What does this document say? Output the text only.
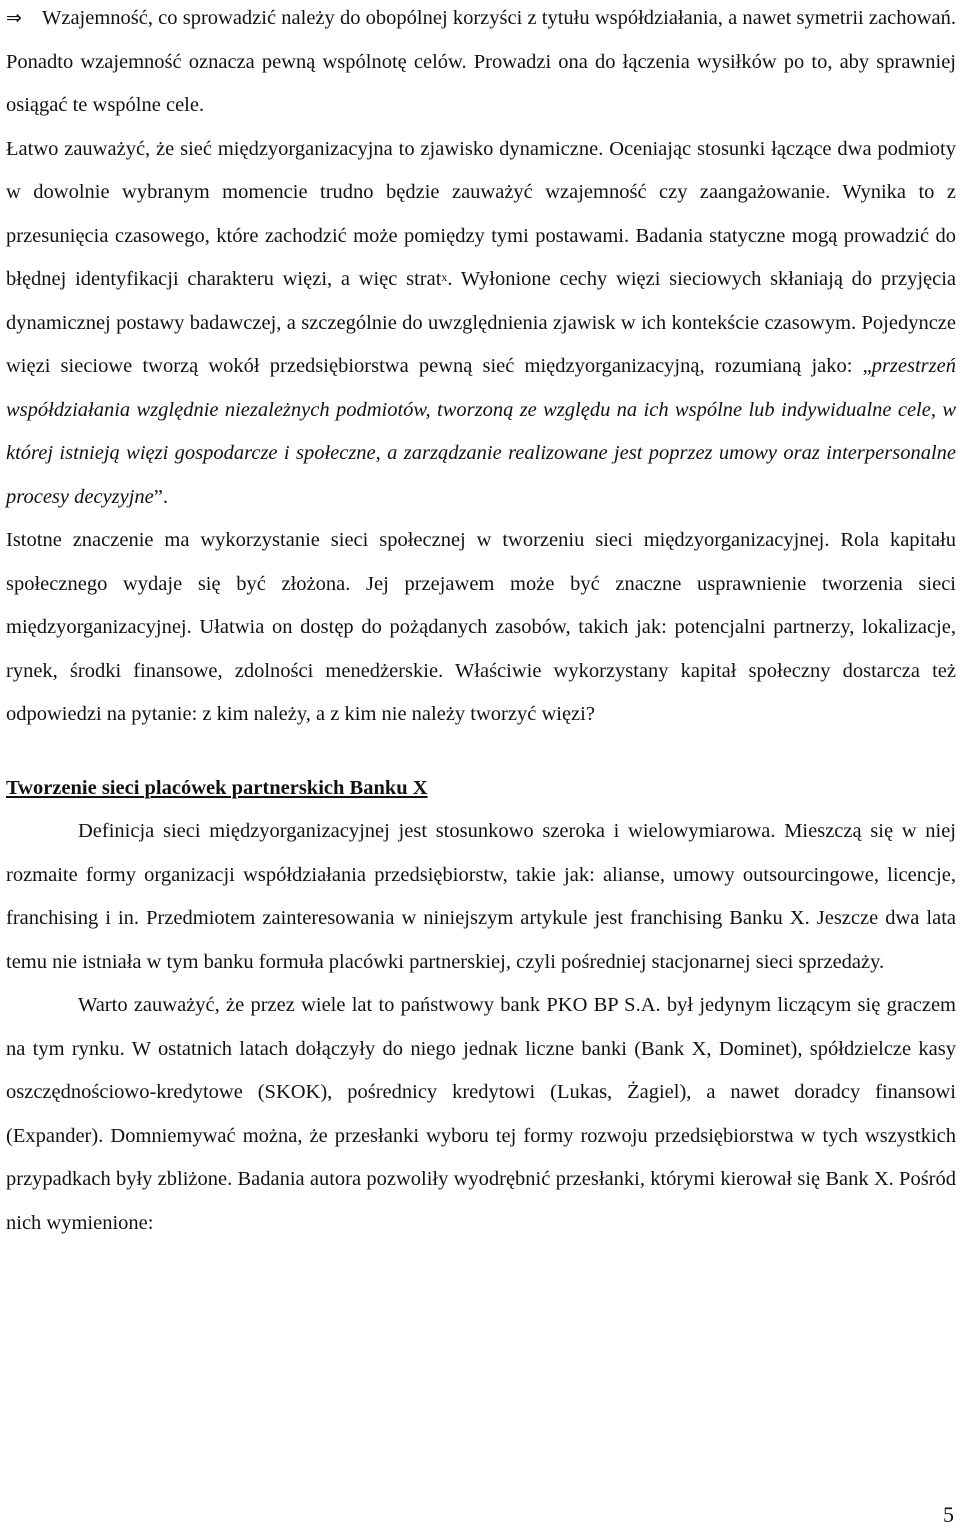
⇒ Wzajemność, co sprowadzić należy do obopólnej korzyści z tytułu współdziałania, a nawet symetrii zachowań. Ponadto wzajemność oznacza pewną wspólnotę celów. Prowadzi ona do łączenia wysiłków po to, aby sprawniej osiągać te wspólne cele.

Łatwo zauważyć, że sieć międzyorganizacyjna to zjawisko dynamiczne. Oceniając stosunki łączące dwa podmioty w dowolnie wybranym momencie trudno będzie zauważyć wzajemność czy zaangażowanie. Wynika to z przesunięcia czasowego, które zachodzić może pomiędzy tymi postawami. Badania statyczne mogą prowadzić do błędnej identyfikacji charakteru więzi, a więc strat$^x$. Wyłonione cechy więzi sieciowych skłaniają do przyjęcia dynamicznej postawy badawczej, a szczególnie do uwzględnienia zjawisk w ich kontekście czasowym. Pojedyncze więzi sieciowe tworzą wokół przedsiębiorstwa pewną sieć międzyorganizacyjną, rozumianą jako: „przestrzeń współdziałania względnie niezależnych podmiotów, tworzoną ze względu na ich wspólne lub indywidualne cele, w której istnieją więzi gospodarcze i społeczne, a zarządzanie realizowane jest poprzez umowy oraz interpersonalne procesy decyzyjne”.

Istotne znaczenie ma wykorzystanie sieci społecznej w tworzeniu sieci międzyorganizacyjnej. Rola kapitału społecznego wydaje się być złożona. Jej przejawem może być znaczne usprawnienie tworzenia sieci międzyorganizacyjnej. Ułatwia on dostęp do pożądanych zasobów, takich jak: potencjalni partnerzy, lokalizacje, rynek, środki finansowe, zdolności menedżerskie. Właściwie wykorzystany kapitał społeczny dostarcza też odpowiedzi na pytanie: z kim należy, a z kim nie należy tworzyć więzi?

Tworzenie sieci placówek partnerskich Banku X

Definicja sieci międzyorganizacyjnej jest stosunkowo szeroka i wielowymiarowa. Mieszczą się w niej rozmaite formy organizacji współdziałania przedsiębiorstw, takie jak: alianse, umowy outsourcingowe, licencje, franchising i in. Przedmiotem zainteresowania w niniejszym artykule jest franchising Banku X. Jeszcze dwa lata temu nie istniała w tym banku formuła placówki partnerskiej, czyli pośredniej stacjonarnej sieci sprzedaży.

Warto zauważyć, że przez wiele lat to państwowy bank PKO BP S.A. był jedynym liczącym się graczem na tym rynku. W ostatnich latach dołączyły do niego jednak liczne banki (Bank X, Dominet), spółdzielcze kasy oszczędnościowo-kredytowe (SKOK), pośrednicy kredytowi (Lukas, Żagiel), a nawet doradcy finansowi (Expander). Domniemywać można, że przesłanki wyboru tej formy rozwoju przedsiębiorstwa w tych wszystkich przypadkach były zbliżone. Badania autora pozwoliły wyodrębnić przesłanki, którymi kierował się Bank X. Pośród nich wymienione:

5
